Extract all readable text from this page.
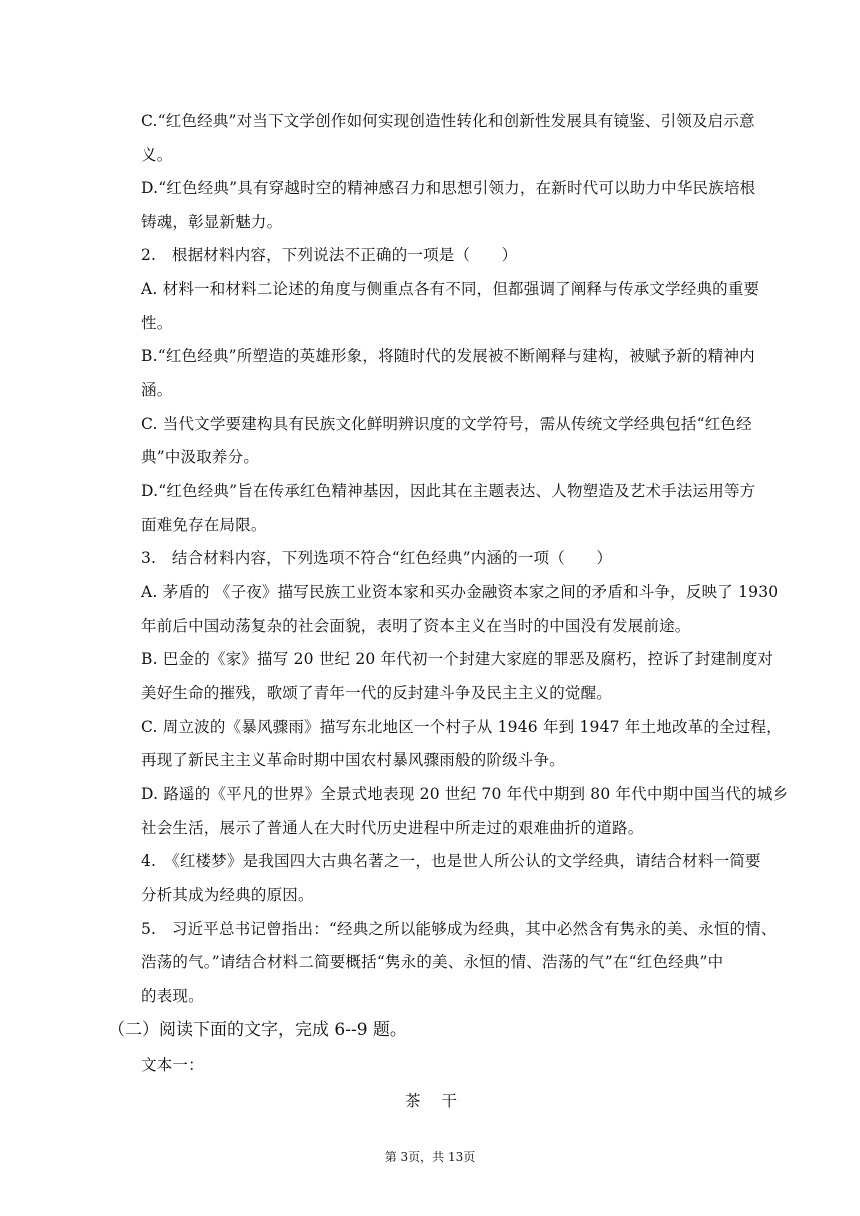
C.“红色经典”对当下文学创作如何实现创造性转化和创新性发展具有镜鉴、引领及启示意
义。
D.“红色经典”具有穿越时空的精神感召力和思想引领力，在新时代可以助力中华民族培根
铸魂，彰显新魅力。
2.　根据材料内容，下列说法不正确的一项是（　　）
A. 材料一和材料二论述的角度与侧重点各有不同，但都强调了阐释与传承文学经典的重要
性。
B.“红色经典”所塑造的英雄形象，将随时代的发展被不断阐释与建构，被赋予新的精神内
涵。
C. 当代文学要建构具有民族文化鲜明辨识度的文学符号，需从传统文学经典包括“红色经
典”中汲取养分。
D.“红色经典”旨在传承红色精神基因，因此其在主题表达、人物塑造及艺术手法运用等方
面难免存在局限。
3.　结合材料内容，下列选项不符合“红色经典”内涵的一项（　　）
A. 茅盾的 《子夜》描写民族工业资本家和买办金融资本家之间的矛盾和斗争，反映了 1930
年前后中国动荡复杂的社会面貌，表明了资本主义在当时的中国没有发展前途。
B. 巴金的《家》描写 20 世纪 20 年代初一个封建大家庭的罪恶及腐朽，控诉了封建制度对
美好生命的摧残，歌颂了青年一代的反封建斗争及民主主义的觉醒。
C. 周立波的《暴风骤雨》描写东北地区一个村子从 1946 年到 1947 年土地改革的全过程，
再现了新民主主义革命时期中国农村暴风骤雨般的阶级斗争。
D. 路遥的《平凡的世界》全景式地表现 20 世纪 70 年代中期到 80 年代中期中国当代的城乡
社会生活，展示了普通人在大时代历史进程中所走过的艰难曲折的道路。
4.　《红楼梦》是我国四大古典名著之一，也是世人所公认的文学经典，请结合材料一简要
分析其成为经典的原因。
5.　习近平总书记曾指出：“经典之所以能够成为经典，其中必然含有隽永的美、永恒的情、
浩荡的气。”请结合材料二简要概括“隽永的美、永恒的情、浩荡的气”在“红色经典”中
的表现。
（二）阅读下面的文字，完成 6--9 题。
文本一：
茶　 干
第 3页，共 13页
